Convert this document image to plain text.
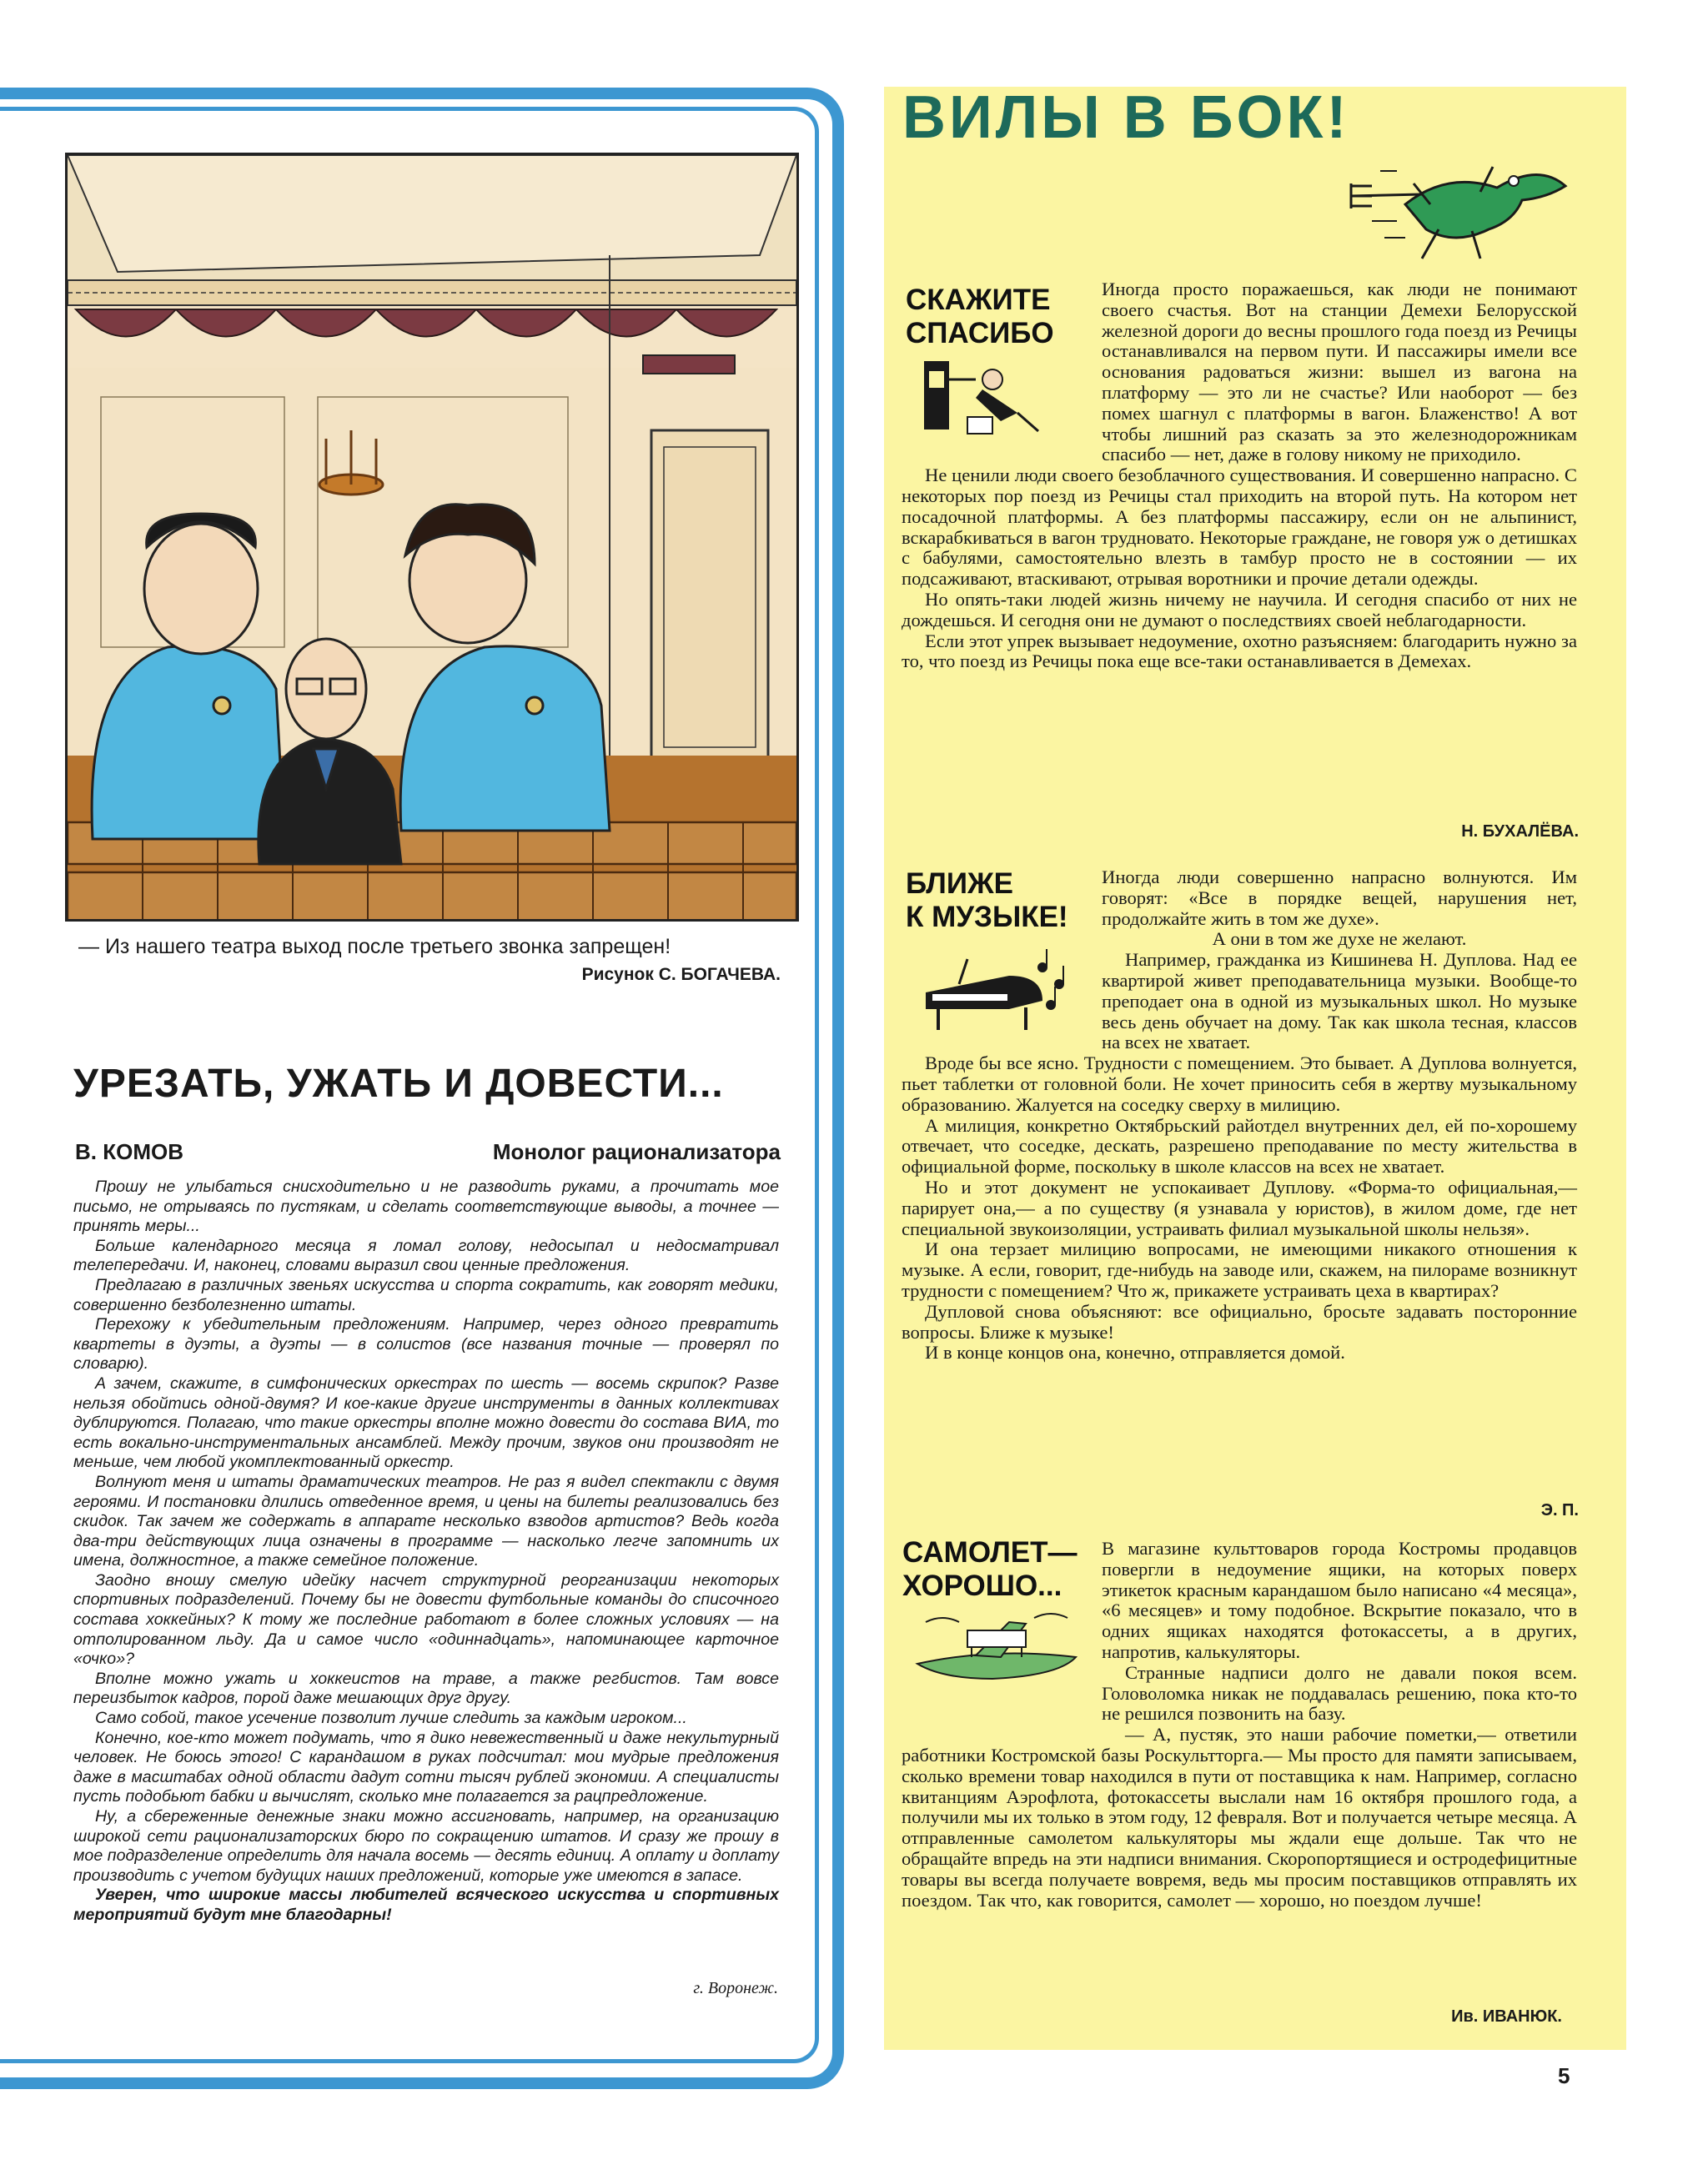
— Из нашего театра выход после третьего звонка запрещен!
Рисунок С. БОГАЧЕВА.
УРЕЗАТЬ, УЖАТЬ И ДОВЕСТИ...
В. КОМОВ	Монолог рационализатора

Прошу не улыбаться снисходительно и не разводить руками, а прочитать мое письмо, не отрываясь по пустякам, и сделать соответствующие выводы, а точнее — принять меры...

Больше календарного месяца я ломал голову, недосыпал и недосматривал телепередачи. И, наконец, словами выразил свои ценные предложения.

Предлагаю в различных звеньях искусства и спорта сократить, как говорят медики, совершенно безболезненно штаты.

Перехожу к убедительным предложениям. Например, через одного превратить квартеты в дуэты, а дуэты — в солистов (все названия точные — проверял по словарю).

А зачем, скажите, в симфонических оркестрах по шесть — восемь скрипок? Разве нельзя обойтись одной-двумя? И кое-какие другие инструменты в данных коллективах дублируются. Полагаю, что такие оркестры вполне можно довести до состава ВИА, то есть вокально-инструментальных ансамблей. Между прочим, звуков они производят не меньше, чем любой укомплектованный оркестр.

Волнуют меня и штаты драматических театров. Не раз я видел спектакли с двумя героями. И постановки длились отведенное время, и цены на билеты реализовались без скидок. Так зачем же содержать в аппарате несколько взводов артистов? Ведь когда два-три действующих лица означены в программе — насколько легче запомнить их имена, должностное, а также семейное положение.

Заодно вношу смелую идейку насчет структурной реорганизации некоторых спортивных подразделений. Почему бы не довести футбольные команды до списочного состава хоккейных? К тому же последние работают в более сложных условиях — на отполированном льду. Да и самое число «одиннадцать», напоминающее карточное «очко»?

Вполне можно ужать и хоккеистов на траве, а также регбистов. Там вовсе переизбыток кадров, порой даже мешающих друг другу.

Само собой, такое усечение позволит лучше следить за каждым игроком...

Конечно, кое-кто может подумать, что я дико невежественный и даже некультурный человек. Не боюсь этого! С карандашом в руках подсчитал: мои мудрые предложения даже в масштабах одной области дадут сотни тысяч рублей экономии. А специалисты пусть подобьют бабки и вычислят, сколько мне полагается за рацпредложение.

Ну, а сбереженные денежные знаки можно ассигновать, например, на организацию широкой сети рационализаторских бюро по сокращению штатов. И сразу же прошу в мое подразделение определить для начала восемь — десять единиц. А оплату и доплату производить с учетом будущих наших предложений, которые уже имеются в запасе.

Уверен, что широкие массы любителей всяческого искусства и спортивных мероприятий будут мне благодарны!

г. Воронеж.
ВИЛЫ В БОК!
СКАЖИТЕ
СПАСИБО

Иногда просто поражаешься, как люди не понимают своего счастья. Вот на станции Демехи Белорусской железной дороги до весны прошлого года поезд из Речицы останавливался на первом пути. И пассажиры имели все основания радоваться жизни: вышел из вагона на платформу — это ли не счастье? Или наоборот — без помех шагнул с платформы в вагон. Блаженство! А вот чтобы лишний раз сказать за это железнодорожникам спасибо — нет, даже в голову никому не приходило.

Не ценили люди своего безоблачного существования. И совершенно напрасно. С некоторых пор поезд из Речицы стал приходить на второй путь. На котором нет посадочной платформы. А без платформы пассажиру, если он не альпинист, вскарабкиваться в вагон трудновато. Некоторые граждане, не говоря уж о детишках с бабулями, самостоятельно влезть в тамбур просто не в состоянии — их подсаживают, втаскивают, отрывая воротники и прочие детали одежды.

Но опять-таки людей жизнь ничему не научила. И сегодня спасибо от них не дождешься. И сегодня они не думают о последствиях своей неблагодарности.

Если этот упрек вызывает недоумение, охотно разъясняем: благодарить нужно за то, что поезд из Речицы пока еще все-таки останавливается в Демехах.

Н. БУХАЛЁВА.
БЛИЖЕ
К МУЗЫКЕ!

Иногда люди совершенно напрасно волнуются. Им говорят: «Все в порядке вещей, нарушения нет, продолжайте жить в том же духе».

А они в том же духе не желают.

Например, гражданка из Кишинева Н. Дуплова. Над ее квартирой живет преподавательница музыки. Вообще-то преподает она в одной из музыкальных школ. Но музыке весь день обучает на дому. Так как школа тесная, классов на всех не хватает.

Вроде бы все ясно. Трудности с помещением. Это бывает. А Дуплова волнуется, пьет таблетки от головной боли. Не хочет приносить себя в жертву музыкальному образованию. Жалуется на соседку сверху в милицию.

А милиция, конкретно Октябрьский райотдел внутренних дел, ей по-хорошему отвечает, что соседке, дескать, разрешено преподавание по месту жительства в официальной форме, поскольку в школе классов на всех не хватает.

Но и этот документ не успокаивает Дуплову. «Форма-то официальная,— парирует она,— а по существу (я узнавала у юристов), в жилом доме, где нет специальной звукоизоляции, устраивать филиал музыкальной школы нельзя».

И она терзает милицию вопросами, не имеющими никакого отношения к музыке. А если, говорит, где-нибудь на заводе или, скажем, на пилораме возникнут трудности с помещением? Что ж, прикажете устраивать цеха в квартирах?

Дупловой снова объясняют: все официально, бросьте задавать посторонние вопросы. Ближе к музыке!

И в конце концов она, конечно, отправляется домой.

Э. П.
САМОЛЕТ—
ХОРОШО...

В магазине культтоваров города Костромы продавцов повергли в недоумение ящики, на которых поверх этикеток красным карандашом было написано «4 месяца», «6 месяцев» и тому подобное. Вскрытие показало, что в одних ящиках находятся фотокассеты, а в других, напротив, калькуляторы.

Странные надписи долго не давали покоя всем. Головоломка никак не поддавалась решению, пока кто-то не решился позвонить на базу.

— А, пустяк, это наши рабочие пометки,— ответили работники Костромской базы Роскультторга.— Мы просто для памяти записываем, сколько времени товар находился в пути от поставщика к нам. Например, согласно квитанциям Аэрофлота, фотокассеты выслали нам 16 октября прошлого года, а получили мы их только в этом году, 12 февраля. Вот и получается четыре месяца. А отправленные самолетом калькуляторы мы ждали еще дольше. Так что не обращайте впредь на эти надписи внимания. Скоропортящиеся и остродефицитные товары вы всегда получаете вовремя, ведь мы просим поставщиков отправлять их поездом. Так что, как говорится, самолет — хорошо, но поездом лучше!

Ив. ИВАНЮК.
5
